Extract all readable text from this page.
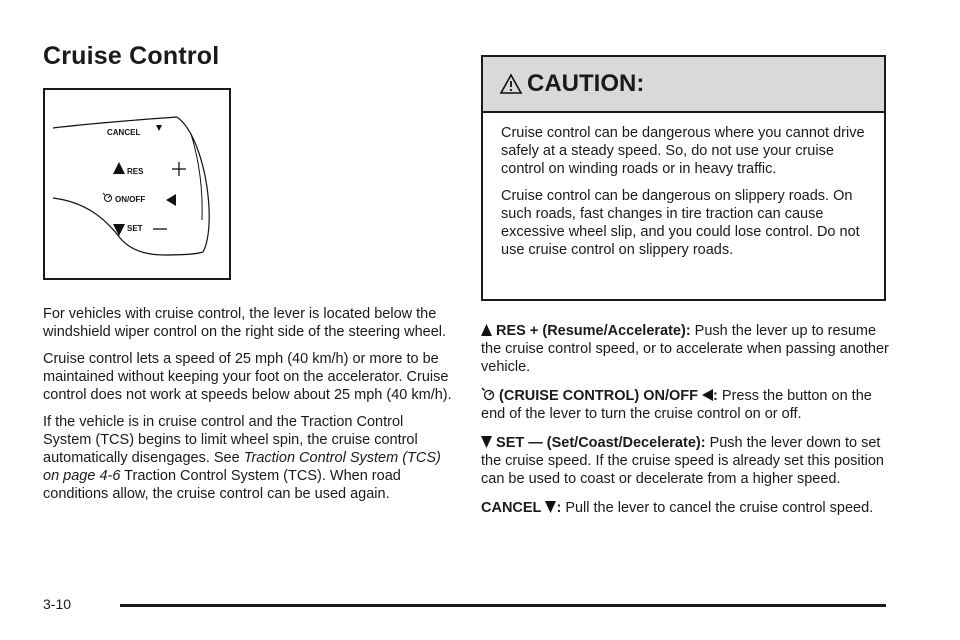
Cruise Control
CANCEL
RES
ON/OFF
SET

For vehicles with cruise control, the lever is located below the windshield wiper control on the right side of the steering wheel.

Cruise control lets a speed of 25 mph (40 km/h) or more to be maintained without keeping your foot on the accelerator. Cruise control does not work at speeds below about 25 mph (40 km/h).

If the vehicle is in cruise control and the Traction Control System (TCS) begins to limit wheel spin, the cruise control automatically disengages. See Traction Control System (TCS) on page 4-6 Traction Control System (TCS). When road conditions allow, the cruise control can be used again.

CAUTION:

Cruise control can be dangerous where you cannot drive safely at a steady speed. So, do not use your cruise control on winding roads or in heavy traffic.

Cruise control can be dangerous on slippery roads. On such roads, fast changes in tire traction can cause excessive wheel slip, and you could lose control. Do not use cruise control on slippery roads.

RES + (Resume/Accelerate): Push the lever up to resume the cruise control speed, or to accelerate when passing another vehicle.

(CRUISE CONTROL) ON/OFF : Press the button on the end of the lever to turn the cruise control on or off.

SET — (Set/Coast/Decelerate): Push the lever down to set the cruise speed. If the cruise speed is already set this position can be used to coast or decelerate from a higher speed.

CANCEL : Pull the lever to cancel the cruise control speed.

3-10
